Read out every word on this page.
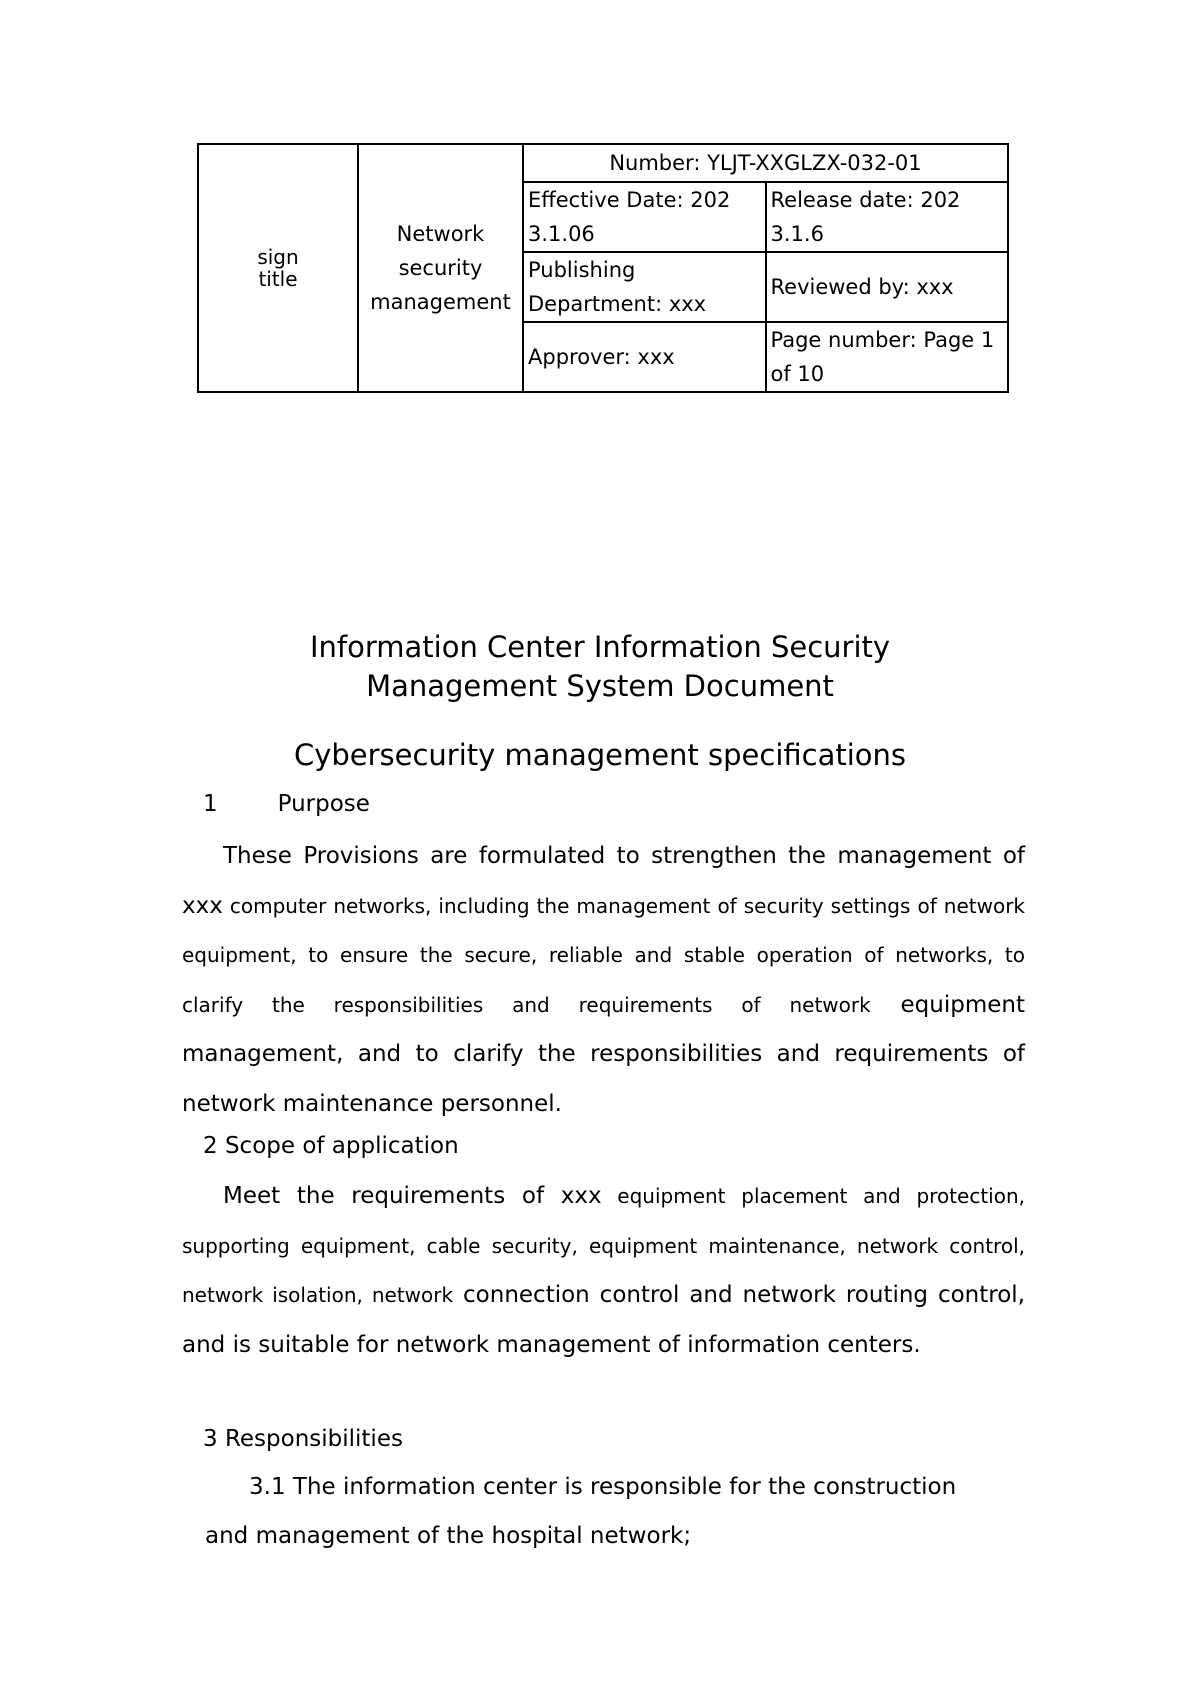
sign
title	Network security management	Number: YLJT-XXGLZX-032-01	
		Effective Date: 202 3.1.06	Release date: 202 3.1.6
		Publishing Department: xxx	Reviewed by: xxx
		Approver: xxx	Page number: Page 1 of 10
Information Center Information Security Management System Document
Cybersecurity management specifications
1	Purpose
These Provisions are formulated to strengthen the management of xxx computer networks, including the management of security settings of network equipment, to ensure the secure, reliable and stable operation of networks, to clarify the responsibilities and requirements of network equipment management, and to clarify the responsibilities and requirements of network maintenance personnel.
2 Scope of application
Meet the requirements of xxx equipment placement and protection, supporting equipment, cable security, equipment maintenance, network control, network isolation, network connection control and network routing control, and is suitable for network management of information centers.
3 Responsibilities
3.1 The information center is responsible for the construction and management of the hospital network;
